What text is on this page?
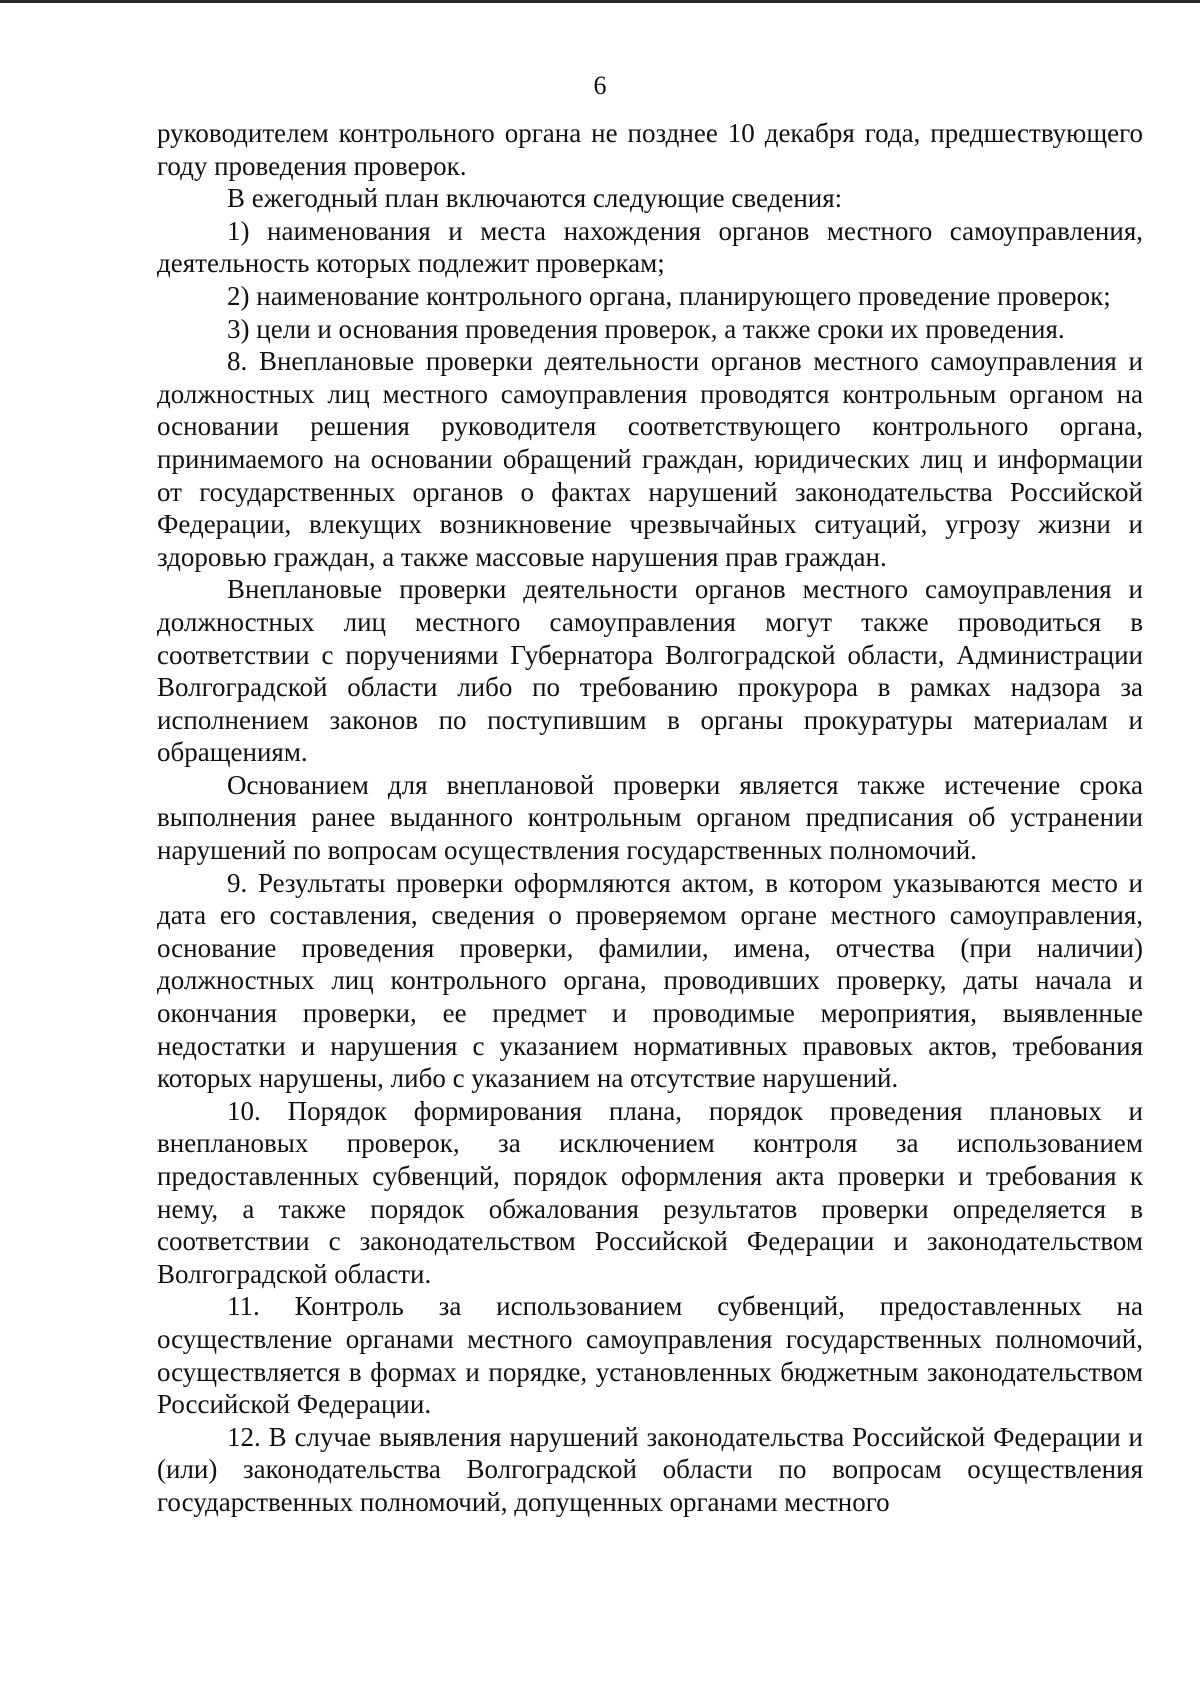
6

руководителем контрольного органа не позднее 10 декабря года, предшествующего году проведения проверок.

В ежегодный план включаются следующие сведения:

1) наименования и места нахождения органов местного самоуправления, деятельность которых подлежит проверкам;

2) наименование контрольного органа, планирующего проведение проверок;

3) цели и основания проведения проверок, а также сроки их проведения.

8. Внеплановые проверки деятельности органов местного самоуправления и должностных лиц местного самоуправления проводятся контрольным органом на основании решения руководителя соответствующего контрольного органа, принимаемого на основании обращений граждан, юридических лиц и информации от государственных органов о фактах нарушений законодательства Российской Федерации, влекущих возникновение чрезвычайных ситуаций, угрозу жизни и здоровью граждан, а также массовые нарушения прав граждан.

Внеплановые проверки деятельности органов местного самоуправления и должностных лиц местного самоуправления могут также проводиться в соответствии с поручениями Губернатора Волгоградской области, Администрации Волгоградской области либо по требованию прокурора в рамках надзора за исполнением законов по поступившим в органы прокуратуры материалам и обращениям.

Основанием для внеплановой проверки является также истечение срока выполнения ранее выданного контрольным органом предписания об устранении нарушений по вопросам осуществления государственных полномочий.

9. Результаты проверки оформляются актом, в котором указываются место и дата его составления, сведения о проверяемом органе местного самоуправления, основание проведения проверки, фамилии, имена, отчества (при наличии) должностных лиц контрольного органа, проводивших проверку, даты начала и окончания проверки, ее предмет и проводимые мероприятия, выявленные недостатки и нарушения с указанием нормативных правовых актов, требования которых нарушены, либо с указанием на отсутствие нарушений.

10. Порядок формирования плана, порядок проведения плановых и внеплановых проверок, за исключением контроля за использованием предоставленных субвенций, порядок оформления акта проверки и требования к нему, а также порядок обжалования результатов проверки определяется в соответствии с законодательством Российской Федерации и законодательством Волгоградской области.

11. Контроль за использованием субвенций, предоставленных на осуществление органами местного самоуправления государственных полномочий, осуществляется в формах и порядке, установленных бюджетным законодательством Российской Федерации.

12. В случае выявления нарушений законодательства Российской Федерации и (или) законодательства Волгоградской области по вопросам осуществления государственных полномочий, допущенных органами местного
